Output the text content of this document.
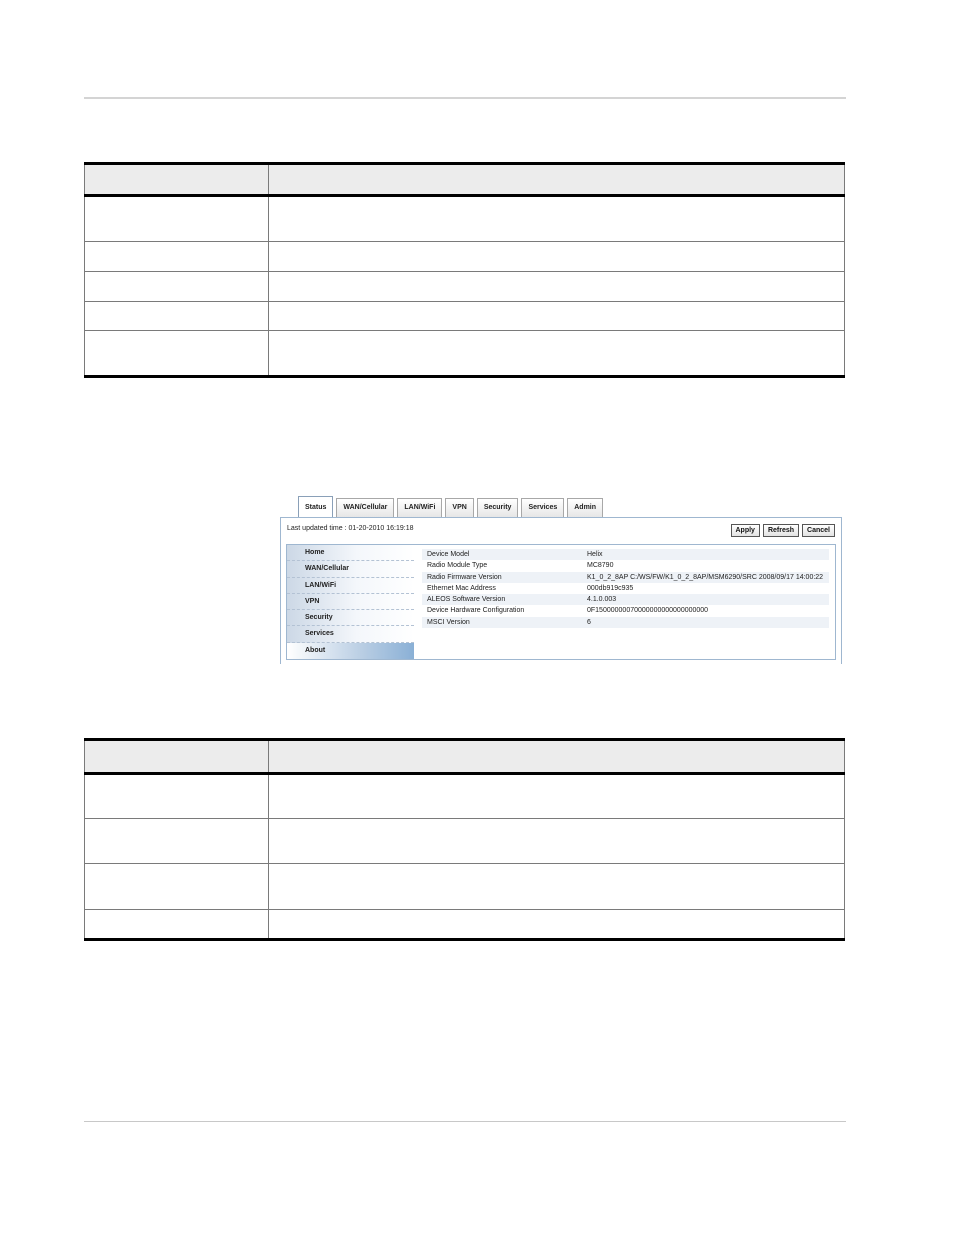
Status	WAN/Cellular	LAN/WiFi	VPN	Security	Services	Admin
Last updated time : 01-20-2010 16:19:18	Apply	Refresh	Cancel
Home
WAN/Cellular
LAN/WiFi
VPN
Security
Services
About
Device Model	Helix
Radio Module Type	MC8790
Radio Firmware Version	K1_0_2_8AP C:/WS/FW/K1_0_2_8AP/MSM6290/SRC 2008/09/17 14:00:22
Ethernet Mac Address	000db919c935
ALEOS Software Version	4.1.0.003
Device Hardware Configuration	0F15000000070000000000000000000
MSCI Version	6
